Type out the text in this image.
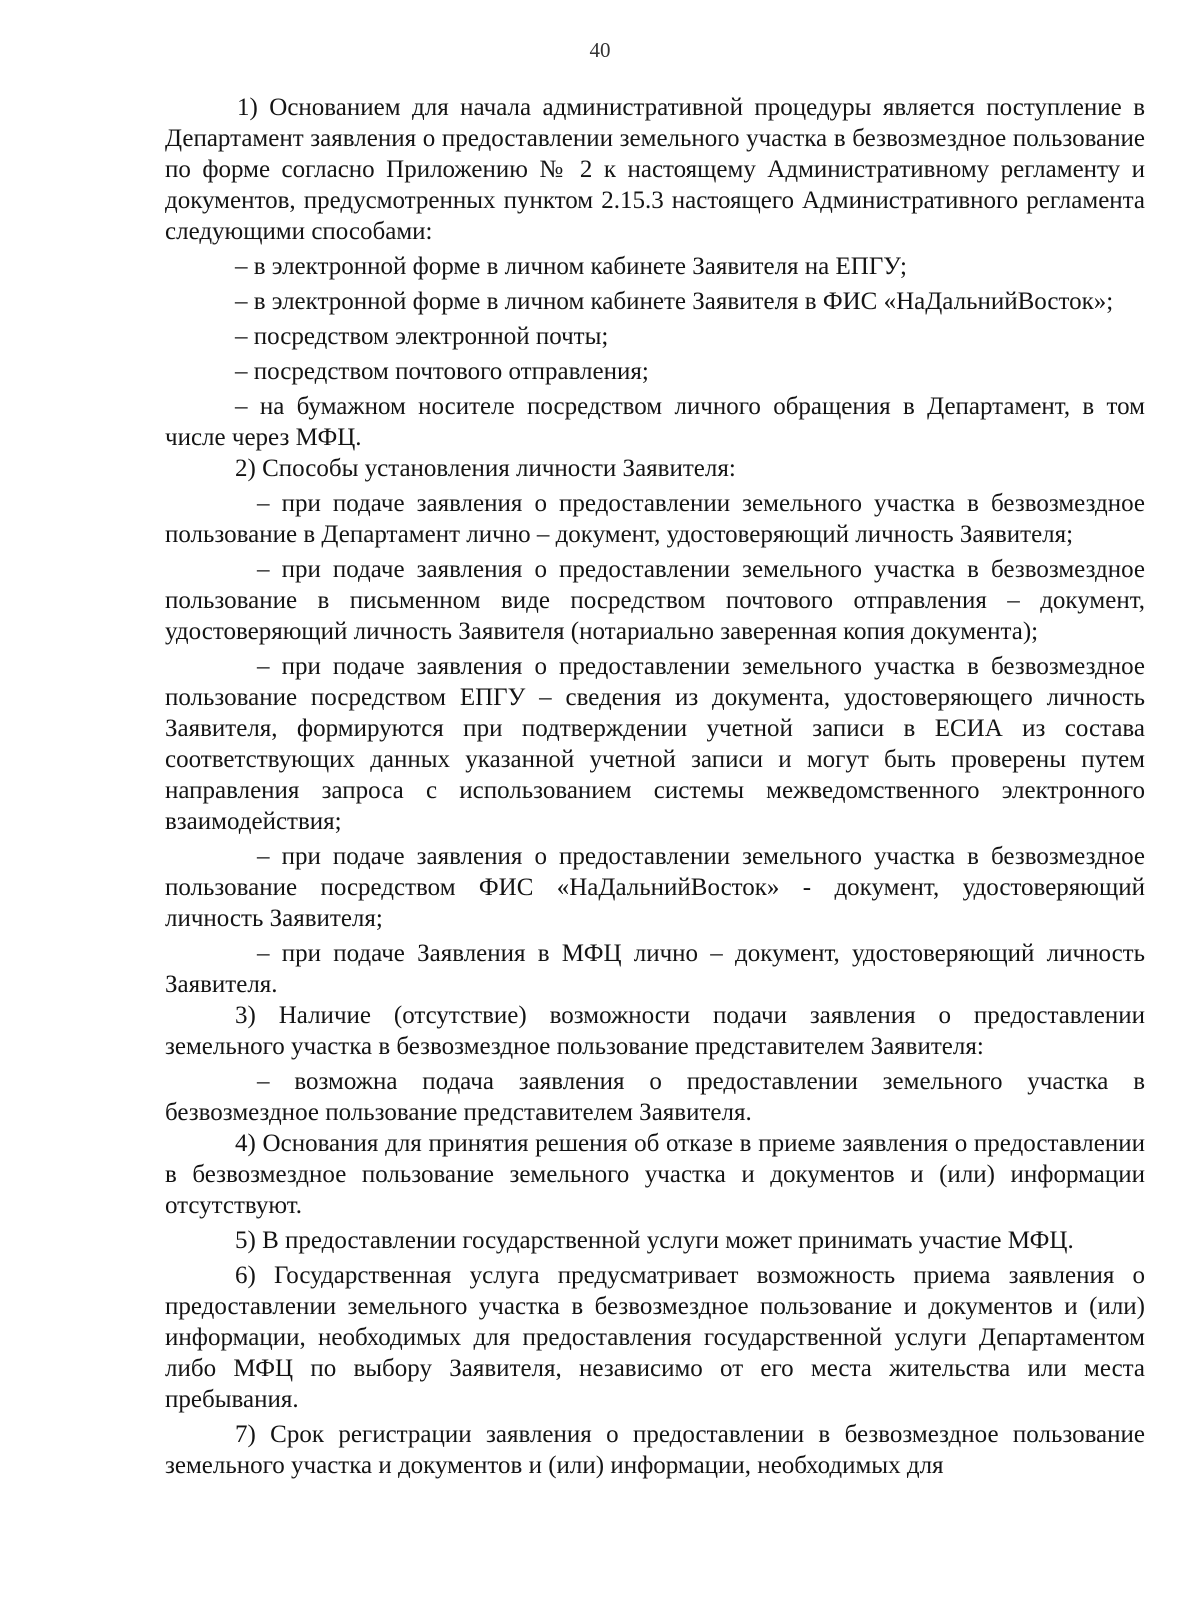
40

1) Основанием для начала административной процедуры является поступление в Департамент заявления о предоставлении земельного участка в безвозмездное пользование по форме согласно Приложению № 2 к настоящему Административному регламенту и документов, предусмотренных пунктом 2.15.3 настоящего Административного регламента следующими способами:

– в электронной форме в личном кабинете Заявителя на ЕПГУ;

– в электронной форме в личном кабинете Заявителя в ФИС «НаДальнийВосток»;

– посредством электронной почты;

– посредством почтового отправления;

– на бумажном носителе посредством личного обращения в Департамент, в том числе через МФЦ.

2) Способы установления личности Заявителя:

– при подаче заявления о предоставлении земельного участка в безвозмездное пользование в Департамент лично – документ, удостоверяющий личность Заявителя;

– при подаче заявления о предоставлении земельного участка в безвозмездное пользование в письменном виде посредством почтового отправления – документ, удостоверяющий личность Заявителя (нотариально заверенная копия документа);

– при подаче заявления о предоставлении земельного участка в безвозмездное пользование посредством ЕПГУ – сведения из документа, удостоверяющего личность Заявителя, формируются при подтверждении учетной записи в ЕСИА из состава соответствующих данных указанной учетной записи и могут быть проверены путем направления запроса с использованием системы межведомственного электронного взаимодействия;

– при подаче заявления о предоставлении земельного участка в безвозмездное пользование посредством ФИС «НаДальнийВосток» - документ, удостоверяющий личность Заявителя;

– при подаче Заявления в МФЦ лично – документ, удостоверяющий личность Заявителя.

3) Наличие (отсутствие) возможности подачи заявления о предоставлении земельного участка в безвозмездное пользование представителем Заявителя:

– возможна подача заявления о предоставлении земельного участка в безвозмездное пользование представителем Заявителя.

4) Основания для принятия решения об отказе в приеме заявления о предоставлении в безвозмездное пользование земельного участка и документов и (или) информации отсутствуют.

5) В предоставлении государственной услуги может принимать участие МФЦ.

6) Государственная услуга предусматривает возможность приема заявления о предоставлении земельного участка в безвозмездное пользование и документов и (или) информации, необходимых для предоставления государственной услуги Департаментом либо МФЦ по выбору Заявителя, независимо от его места жительства или места пребывания.

7) Срок регистрации заявления о предоставлении в безвозмездное пользование земельного участка и документов и (или) информации, необходимых для
